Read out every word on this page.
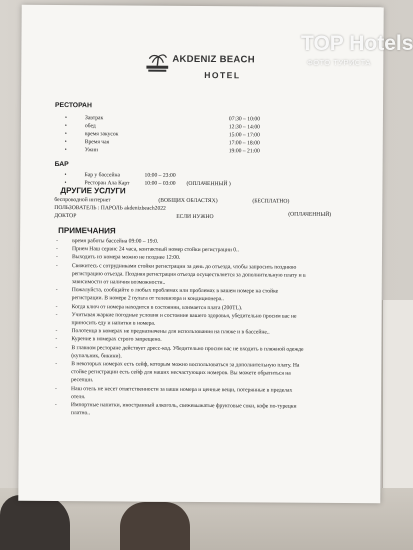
AKDENIZ BEACH
HOTEL
РЕСТОРАН
•	Завтрак	07:30 – 10:00
•	обед	12:30 – 14:00
•	время закусок	15:00 – 17:00
•	Время чая	17:00 – 18:00
•	Ужин	19:00 – 21:00
БАР
•	Бар у бассейна	10:00 – 23:00
•	Ресторан Ала Карт	10:00 – 03:00 (ОПЛАЧЕННЫЙ )
ДРУГИЕ УСЛУГИ
беспроводной интернет	(ВОБЩИХ ОБЛАСТЯХ)	(БЕСПЛАТНО)
ПОЛЬЗОВАТЕЛЬ : ПАРОЛЬ akdenizbeach2022
ДОКТОР	ЕСЛИ НУЖНО	(ОПЛАЧЕННЫЙ)
ПРИМЕЧАНИЯ
-	время работы бассейна 09:00 – 19:0.
-	Прием Наш сервис 24 часа, контактный номер стойки регистрации 0..
-	Выходить из номера можно не позднее 12:00.
-	Свяжитесь с сотрудниками стойки регистрации за день до отъезда, чтобы запросить позднюю
регистрацию отъезда. Поздняя регистрация отъезда осуществляется за дополнительную плату и в
зависимости от наличия возможности..
-	Пожалуйста, сообщайте о любых проблемах или проблемах в вашем номере на стойке
регистрации. В номере 2 пульта от телевизора и кондиционера..
-	Когда ключ от номера находится в состоянии, взимается плата (200TL).
-	Учитывая жаркие погодные условия и состояние вашего здоровья, убедительно просим вас не
приносить еду и напитки в номера.
-	Полотенца в номерах не предназначены для использования на пляже и в бассейне..
-	Курение в номерах строго запрещено.
-	В главном ресторане действует дресс-код. Убедительно просим вас не входить в пляжной одежде
(купальник, бикини).
-	В некоторых номерах есть сейф, которым можно воспользоваться за дополнительную плату. На
стойке регистрации есть сейф для наших несчастующих номеров. Вы можете обратиться на
ресепшн.
-	Наш отель не несет ответственности за ваши номера и ценные вещи, потерянные в пределах
отеля.
-	Импортные напитки, иностранный алкоголь, свежевыжатые фруктовые соки, кофе по-турецки
платно..
TOP Hotels
ФОТО ТУРИСТА
